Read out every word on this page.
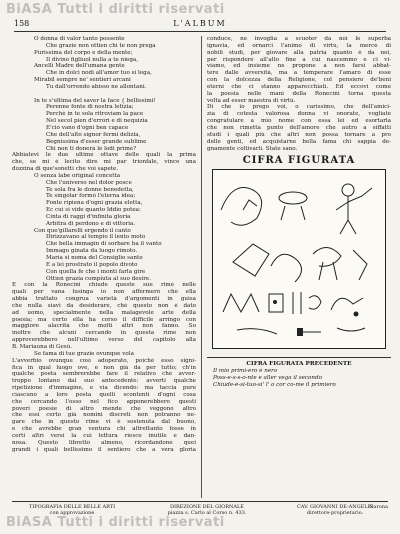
BiASA Tutti i diritti riservati
158	L'ALBUM
O donna di valor tanto possente
Che grazie non ottien chi te non prega
Purissima del corpo e della mente;
Il divino figliuol nulla a te niega,
Ancelli Madre dell'umana gente
Che in dolci nodi all'amor tuo si lega,
Mirabil sempre ne' sentieri arcani
Tu dall'orrendo abisso ne allontani.
In te s'ultima del saver la face { bellissimi!
Perenne fonte di nostra letizia;
Perchè in te sola ritroviam la pace
Nel secol pien d'errori e di nequizia
E'ciò vano d'ogni ben capace
Che dell'alto signor fermi delizia,
Begnissima d'esser grande sublime
Chi non ti donerà le lodi prime?
Abbiatevi le due ultime ottave delle quali la prima
che, se mi è lecito dire mi par trionfale, vince una
dozzina di que'sonetti che voi sapete.
O senza labe original concetta
Che l'universo nel dolor posce
Te sola fra le donne benedetta,
Te singolar formò l'eterna idea;
Fonte ripiena d'ogni grazia eletta,
Ec cui si vide quanto Iddio potea:
Cinta di raggi d'infinita gloria
Arbitra di perdono e di vittoria.
Con que'gillarelli ergendo il canto
Dirizzavano al tempio il lento moto
Che bella immagin di sorbare ha il vanto
Immago ginata da luogo rimoto.
Maria si noma del Consiglio santo
E a lei prostrato il popolo divoto
Con quella fe che i monti farla gire
Ottien grazia compiuta al suo desire.
E con la Ronecini chiude queste sue rime nelle
quali per vana lusinga io non affermerò che ella
abbia trattato congrua varietà d'argomenti in guisa
che nulla siavi da desiderare, chè questo non è dato
ad uomo, specialmente nella malagevole arte della
poesia; ma certo ella ha corso il difficile arringo con
maggiore alacrità che molti altri non fanno. So
inoltre che alcuni cercando in questa rime non
approverebbero nell'ultimo verso del capitolo alla
B. Mariauna di Gesù.
Se fama di tue grazie ovunque vola
L'avverbio ovunque così adoperato, poichè esso signi-
fica in qual luogo ove, e non già da per tutto; ch'in
qualche poeta sembrerebbe fare il relativo che avver-
troppo lontano dal suo antecedente: avverti qualche
ripetizione d'immagine, e via dicendo: ma taccia pure
ciascuno a loro posta quelli scontenti d'ogni cosa
che cercando l'osso nel fico apponerebbero questi
poveri poesie di altro mende che veggono altro
che essi certo già nomini discreti non potranno ne-
gare che in questo rime vi è sostenuta dal buono,
e che avrebbe gran ventura chi altrettanto fosse in
certi altri versi la cui lettura riesce inutile e dan-
nosa. Questo libretto almeno, ricordandone quei
grandi i quali bellissimo il sentiero che a vera gloria
conduce, ne invoglia a scuoter da noi le superba
ignavia, ed ornarci l'animo di virtù, la mercè di
nobili studi, per giovare alla patria quanto è da noi,
per rispondere all'alto fine a cui nascemmo e ci vi-
viamo, ed insieme ne propone a non farsi abbat-
tere dalle avversità, ma a temperare l'amaro di esse
con la dolcezza della Religione, col pensiero de'beni
eterni che ci stanno apparecchiati. Ed eccovi come
la poesia nelle mani della Ronecini torna questa
volta ad esser maestra di virtù.
Di che io prego voi, o carissimo, che dell'amici-
zia di cotesta valorosa donna vi onorate, vogliate
congratulare a mio nome con essa lei ed esortarla
che non rimetta punto dell'amore che autro a siffatti
studi i quali più che altri non possa tornare a pro
delle genti, ed acquistarne bella fama chi sappia de-
gnamente coltivarli. State sano.
CIFRA FIGURATA
CIFRA FIGURATA PRECEDENTE
Il mio primi-ero è nero
Poss-e-s-s-o-nte e aller vega il secondo
Chiude-è-si-tuo-si' l' o cor co-me il primiero
TIPOGRAFIA DELLE BELLE ARTI
con approvazione
DIREZIONE DEL GIORNALE
piazza s. Carlo al Corso n. 433.
CAV. GIOVANNI DE-ANGELIS
direttore-proprietario.
Narona
BiASA Tutti i diritti riservati
